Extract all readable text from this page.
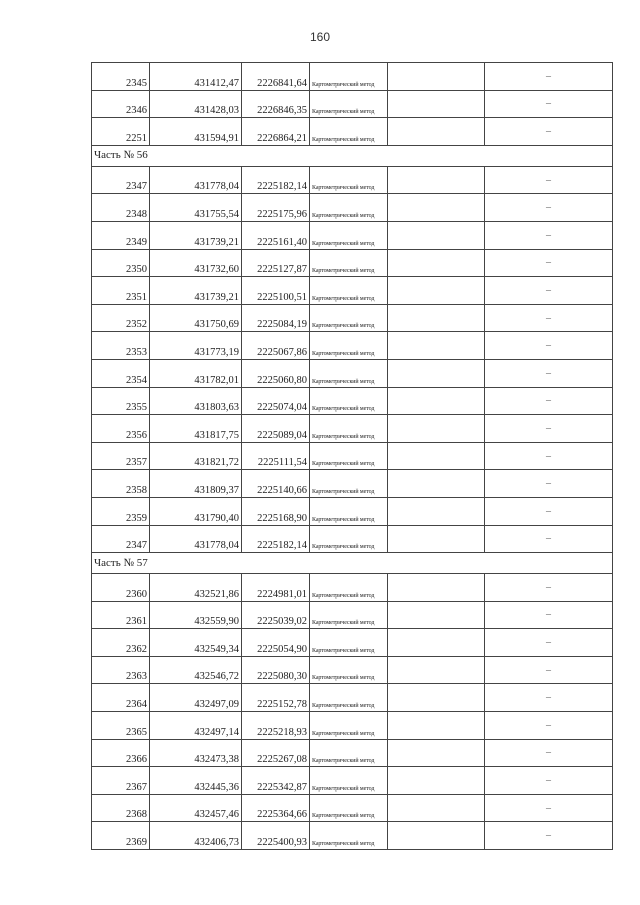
160
2345	431412,47	2226841,64	Картометрический метод		–
2346	431428,03	2226846,35	Картометрический метод		–
2251	431594,91	2226864,21	Картометрический метод		–
Часть № 56					
2347	431778,04	2225182,14	Картометрический метод		–
2348	431755,54	2225175,96	Картометрический метод		–
2349	431739,21	2225161,40	Картометрический метод		–
2350	431732,60	2225127,87	Картометрический метод		–
2351	431739,21	2225100,51	Картометрический метод		–
2352	431750,69	2225084,19	Картометрический метод		–
2353	431773,19	2225067,86	Картометрический метод		–
2354	431782,01	2225060,80	Картометрический метод		–
2355	431803,63	2225074,04	Картометрический метод		–
2356	431817,75	2225089,04	Картометрический метод		–
2357	431821,72	2225111,54	Картометрический метод		–
2358	431809,37	2225140,66	Картометрический метод		–
2359	431790,40	2225168,90	Картометрический метод		–
2347	431778,04	2225182,14	Картометрический метод		–
Часть № 57					
2360	432521,86	2224981,01	Картометрический метод		–
2361	432559,90	2225039,02	Картометрический метод		–
2362	432549,34	2225054,90	Картометрический метод		–
2363	432546,72	2225080,30	Картометрический метод		–
2364	432497,09	2225152,78	Картометрический метод		–
2365	432497,14	2225218,93	Картометрический метод		–
2366	432473,38	2225267,08	Картометрический метод		–
2367	432445,36	2225342,87	Картометрический метод		–
2368	432457,46	2225364,66	Картометрический метод		–
2369	432406,73	2225400,93	Картометрический метод		–
